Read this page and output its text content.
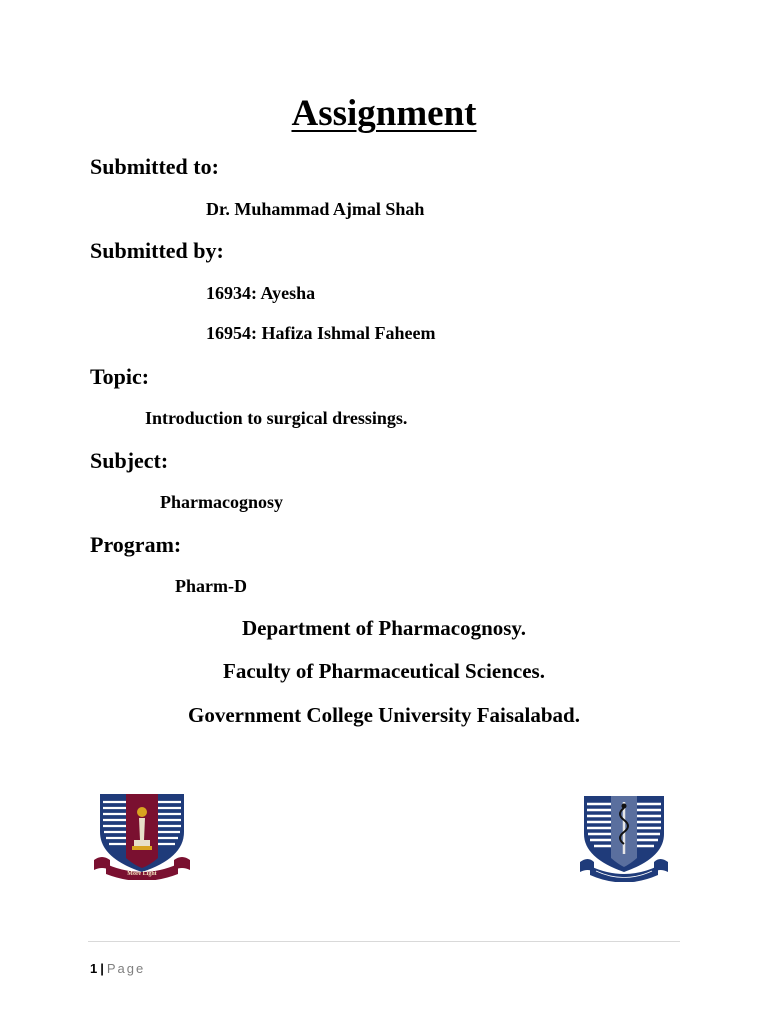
Assignment
Submitted to:
Dr. Muhammad Ajmal Shah
Submitted by:
16934: Ayesha
16954: Hafiza Ishmal Faheem
Topic:
Introduction to surgical dressings.
Subject:
Pharmacognosy
Program:
Pharm-D
Department of Pharmacognosy.
Faculty of Pharmaceutical Sciences.
Government College University Faisalabad.
More Light
1 | Page
